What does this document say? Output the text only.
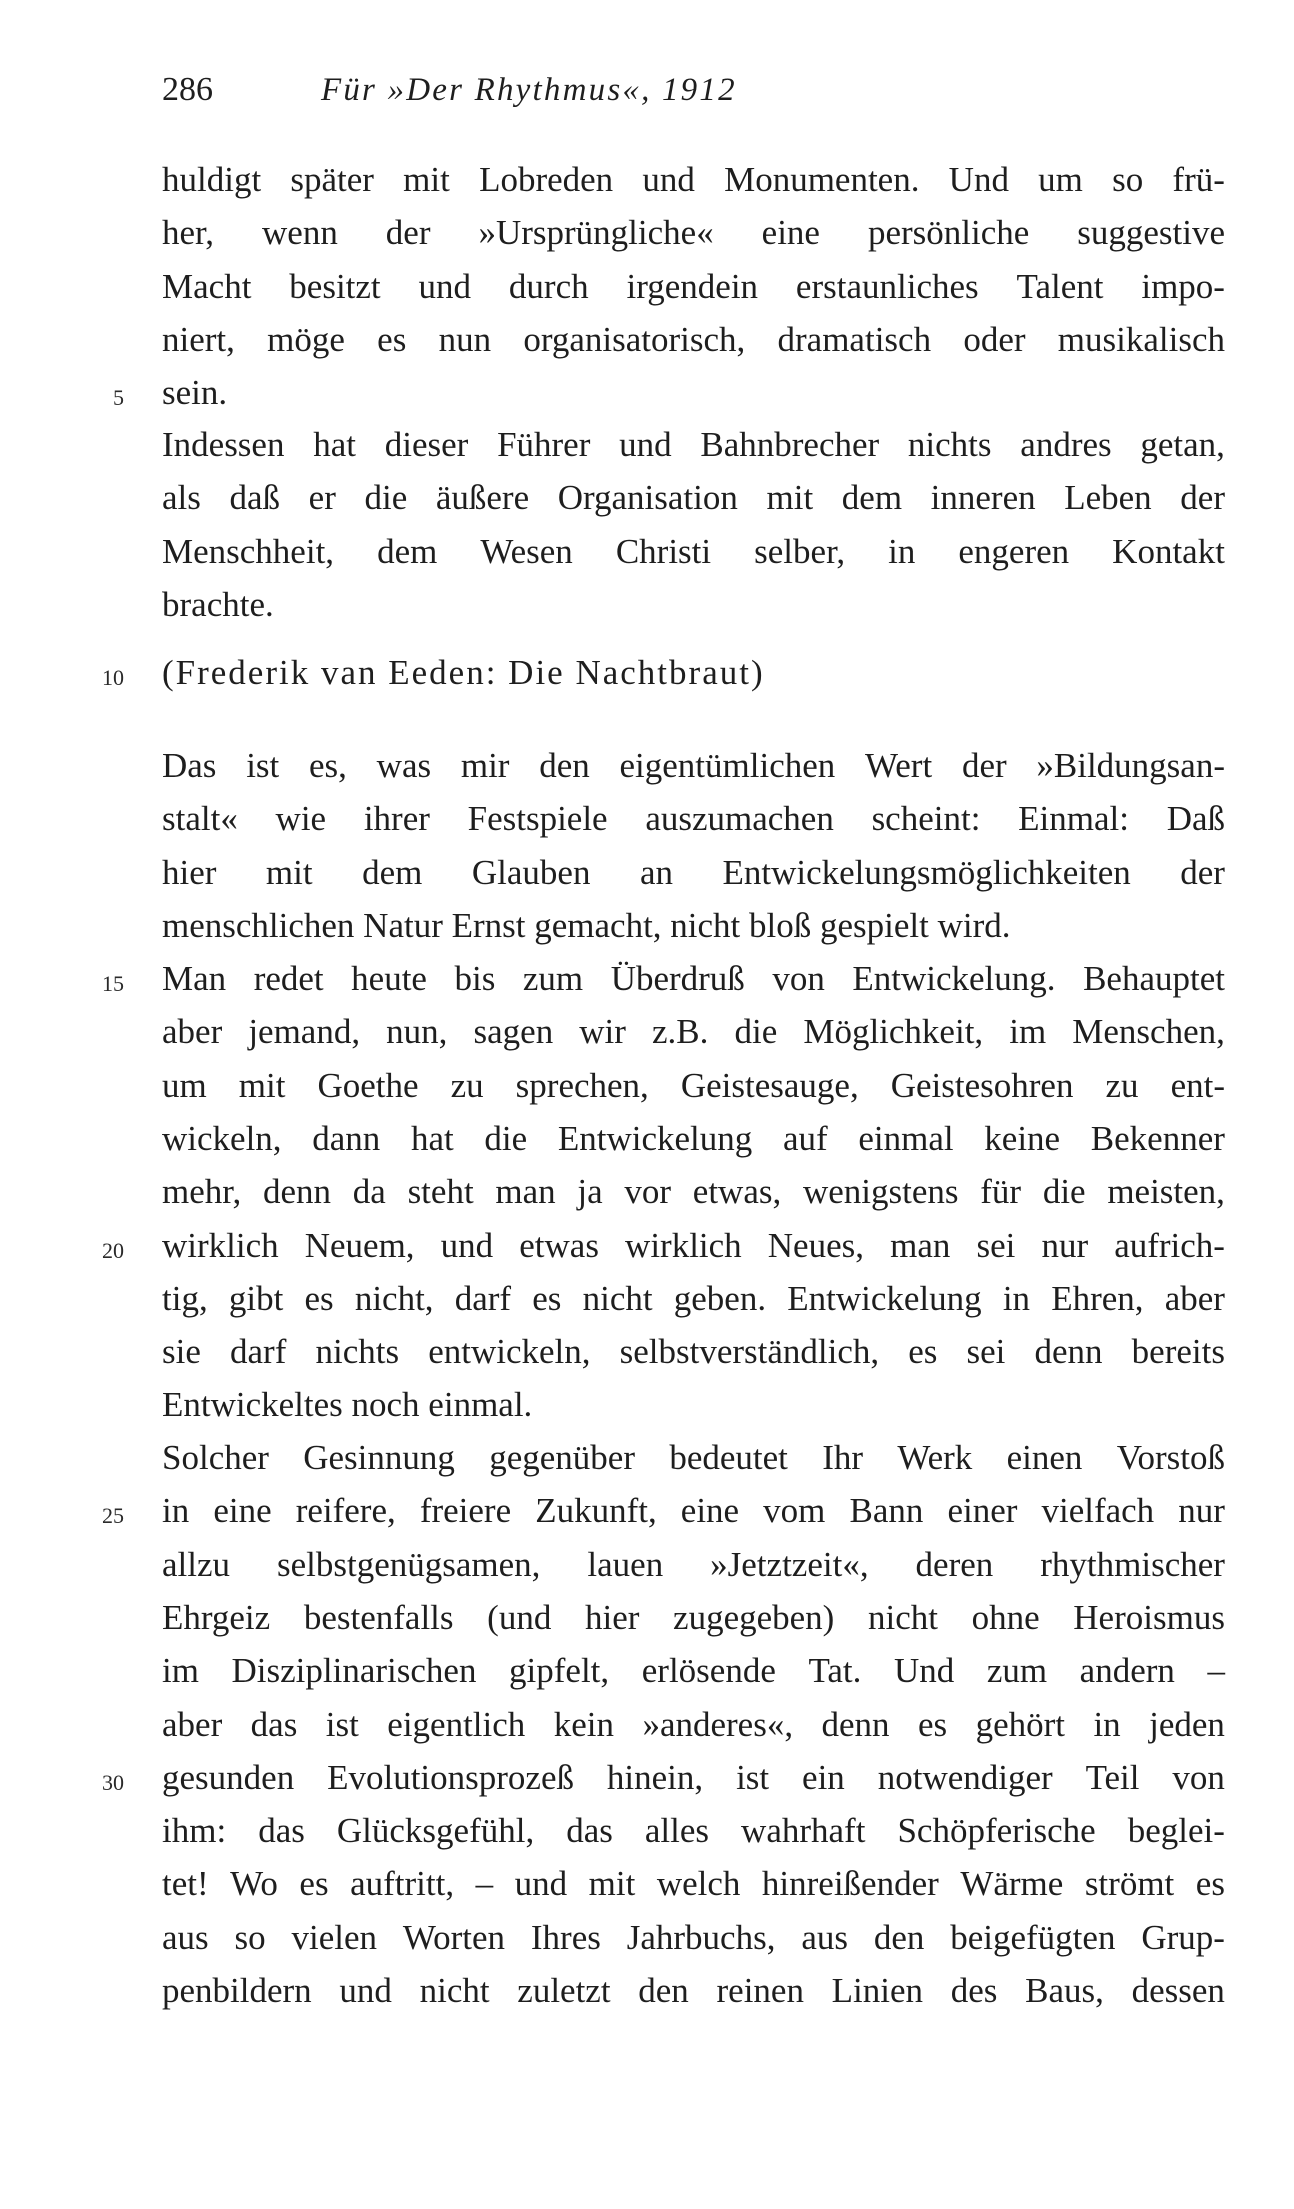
286	Für »Der Rhythmus«, 1912
huldigt später mit Lobreden und Monumenten. Und um so frü-
her, wenn der »Ursprüngliche« eine persönliche suggestive
Macht besitzt und durch irgendein erstaunliches Talent impo-
niert, möge es nun organisatorisch, dramatisch oder musikalisch
sein.
5
Indessen hat dieser Führer und Bahnbrecher nichts andres getan,
als daß er die äußere Organisation mit dem inneren Leben der
Menschheit, dem Wesen Christi selber, in engeren Kontakt
brachte.
(Frederik van Eeden: Die Nachtbraut)
10
Das ist es, was mir den eigentümlichen Wert der »Bildungsan-
stalt« wie ihrer Festspiele auszumachen scheint: Einmal: Daß
hier mit dem Glauben an Entwickelungsmöglichkeiten der
menschlichen Natur Ernst gemacht, nicht bloß gespielt wird.
Man redet heute bis zum Überdruß von Entwickelung. Behauptet
15
aber jemand, nun, sagen wir z.B. die Möglichkeit, im Menschen,
um mit Goethe zu sprechen, Geistesauge, Geistesohren zu ent-
wickeln, dann hat die Entwickelung auf einmal keine Bekenner
mehr, denn da steht man ja vor etwas, wenigstens für die meisten,
wirklich Neuem, und etwas wirklich Neues, man sei nur aufrich-
20
tig, gibt es nicht, darf es nicht geben. Entwickelung in Ehren, aber
sie darf nichts entwickeln, selbstverständlich, es sei denn bereits
Entwickeltes noch einmal.
Solcher Gesinnung gegenüber bedeutet Ihr Werk einen Vorstoß
in eine reifere, freiere Zukunft, eine vom Bann einer vielfach nur
25
allzu selbstgenügsamen, lauen »Jetztzeit«, deren rhythmischer
Ehrgeiz bestenfalls (und hier zugegeben) nicht ohne Heroismus
im Disziplinarischen gipfelt, erlösende Tat. Und zum andern –
aber das ist eigentlich kein »anderes«, denn es gehört in jeden
gesunden Evolutionsprozeß hinein, ist ein notwendiger Teil von
30
ihm: das Glücksgefühl, das alles wahrhaft Schöpferische beglei-
tet! Wo es auftritt, – und mit welch hinreißender Wärme strömt es
aus so vielen Worten Ihres Jahrbuchs, aus den beigefügten Grup-
penbildern und nicht zuletzt den reinen Linien des Baus, dessen
